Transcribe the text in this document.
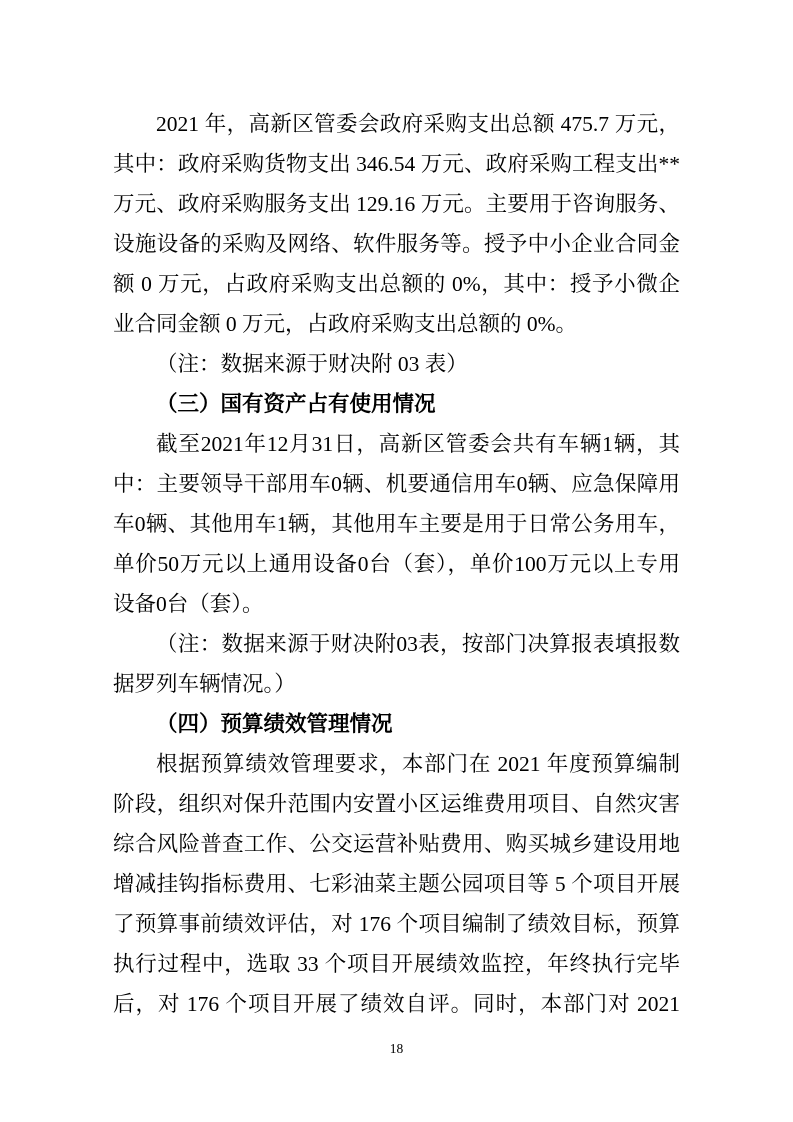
2021 年，高新区管委会政府采购支出总额 475.7 万元，

其中：政府采购货物支出 346.54 万元、政府采购工程支出**

万元、政府采购服务支出 129.16 万元。主要用于咨询服务、

设施设备的采购及网络、软件服务等。授予中小企业合同金

额 0 万元，占政府采购支出总额的 0%，其中：授予小微企

业合同金额 0 万元，占政府采购支出总额的 0%。

（注：数据来源于财决附 03 表）

（三）国有资产占有使用情况

截至2021年12月31日，高新区管委会共有车辆1辆，其

中：主要领导干部用车0辆、机要通信用车0辆、应急保障用

车0辆、其他用车1辆，其他用车主要是用于日常公务用车，

单价50万元以上通用设备0台（套），单价100万元以上专用

设备0台（套）。

（注：数据来源于财决附03表，按部门决算报表填报数

据罗列车辆情况。）

（四）预算绩效管理情况

根据预算绩效管理要求，本部门在 2021 年度预算编制

阶段，组织对保升范围内安置小区运维费用项目、自然灾害

综合风险普查工作、公交运营补贴费用、购买城乡建设用地

增减挂钩指标费用、七彩油菜主题公园项目等 5 个项目开展

了预算事前绩效评估，对 176 个项目编制了绩效目标，预算

执行过程中，选取 33 个项目开展绩效监控，年终执行完毕

后，对 176 个项目开展了绩效自评。同时，本部门对 2021

18
